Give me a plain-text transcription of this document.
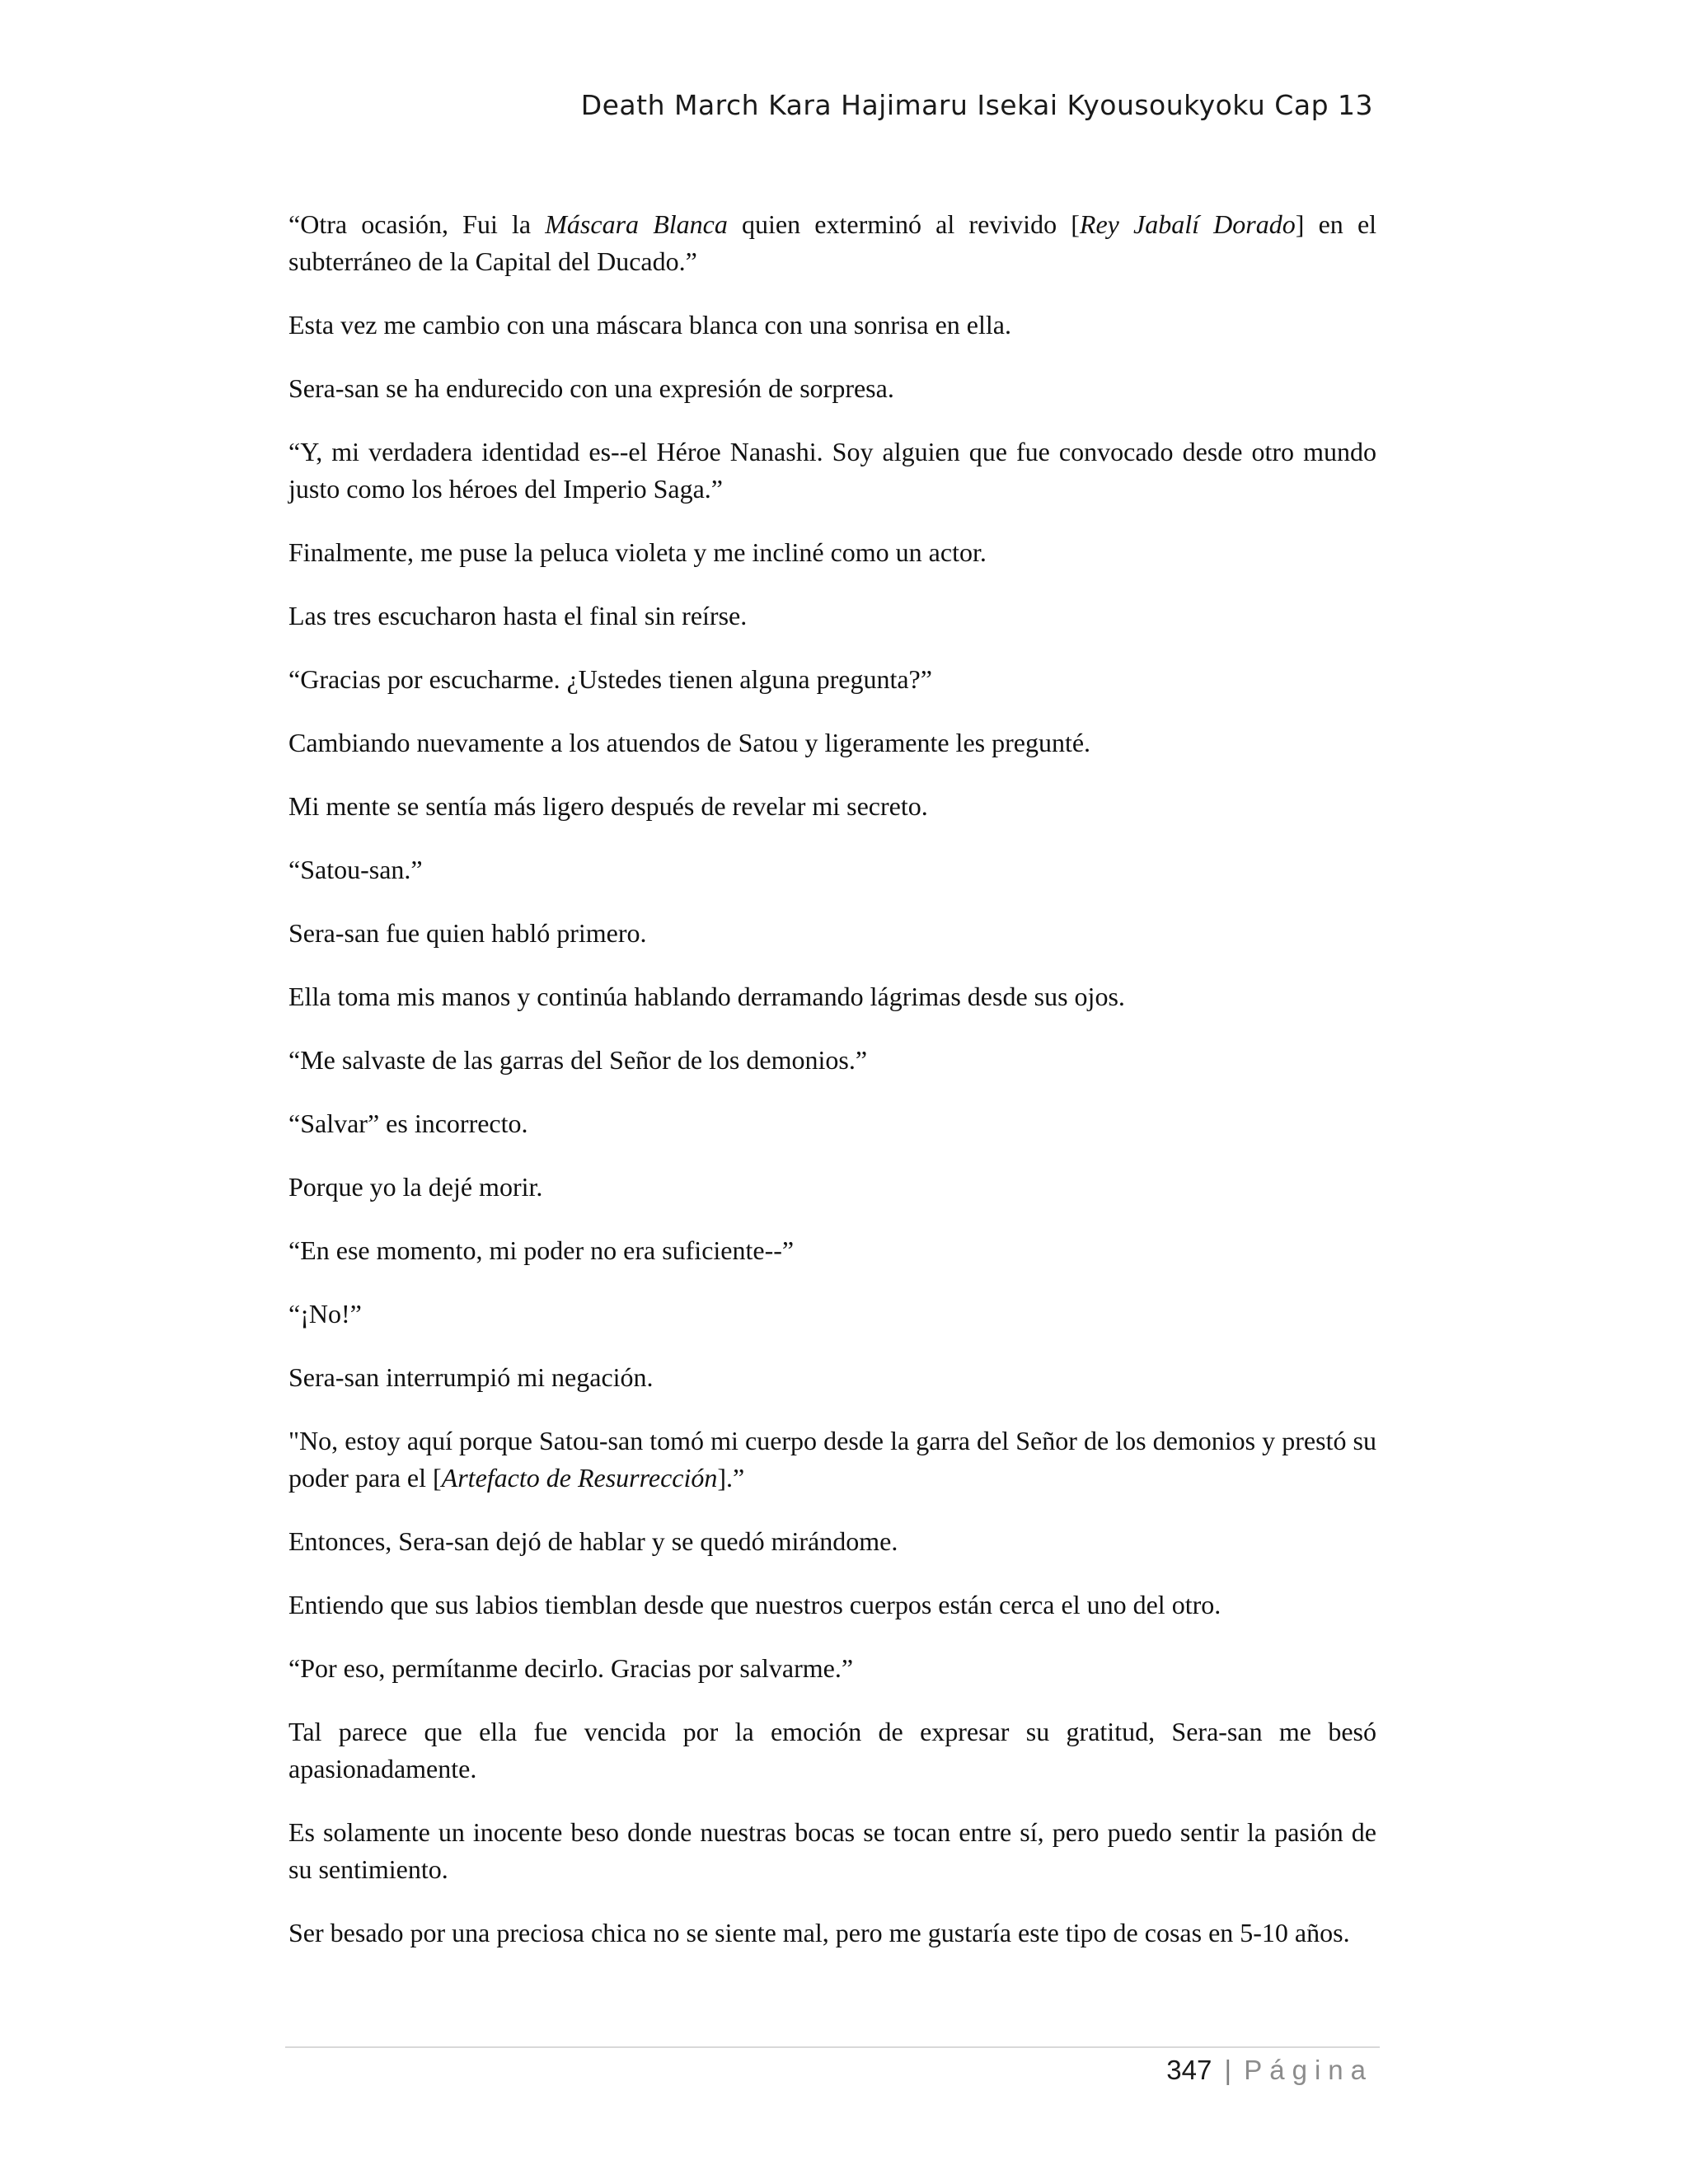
Death March Kara Hajimaru Isekai Kyousoukyoku Cap 13

“Otra ocasión, Fui la Máscara Blanca quien exterminó al revivido [Rey Jabalí Dorado] en el subterráneo de la Capital del Ducado.”

Esta vez me cambio con una máscara blanca con una sonrisa en ella.

Sera-san se ha endurecido con una expresión de sorpresa.

“Y, mi verdadera identidad es--el Héroe Nanashi. Soy alguien que fue convocado desde otro mundo justo como los héroes del Imperio Saga.”

Finalmente, me puse la peluca violeta y me incliné como un actor.

Las tres escucharon hasta el final sin reírse.

“Gracias por escucharme. ¿Ustedes tienen alguna pregunta?”

Cambiando nuevamente a los atuendos de Satou y ligeramente les pregunté.

Mi mente se sentía más ligero después de revelar mi secreto.

“Satou-san.”

Sera-san fue quien habló primero.

Ella toma mis manos y continúa hablando derramando lágrimas desde sus ojos.

“Me salvaste de las garras del Señor de los demonios.”

“Salvar” es incorrecto.

Porque yo la dejé morir.

“En ese momento, mi poder no era suficiente--”

“¡No!”

Sera-san interrumpió mi negación.

"No, estoy aquí porque Satou-san tomó mi cuerpo desde la garra del Señor de los demonios y prestó su poder para el [Artefacto de Resurrección].”

Entonces, Sera-san dejó de hablar y se quedó mirándome.

Entiendo que sus labios tiemblan desde que nuestros cuerpos están cerca el uno del otro.

“Por eso, permítanme decirlo. Gracias por salvarme.”

Tal parece que ella fue vencida por la emoción de expresar su gratitud, Sera-san me besó apasionadamente.

Es solamente un inocente beso donde nuestras bocas se tocan entre sí, pero puedo sentir la pasión de su sentimiento.

Ser besado por una preciosa chica no se siente mal, pero me gustaría este tipo de cosas en 5-10 años.

347 | Página
